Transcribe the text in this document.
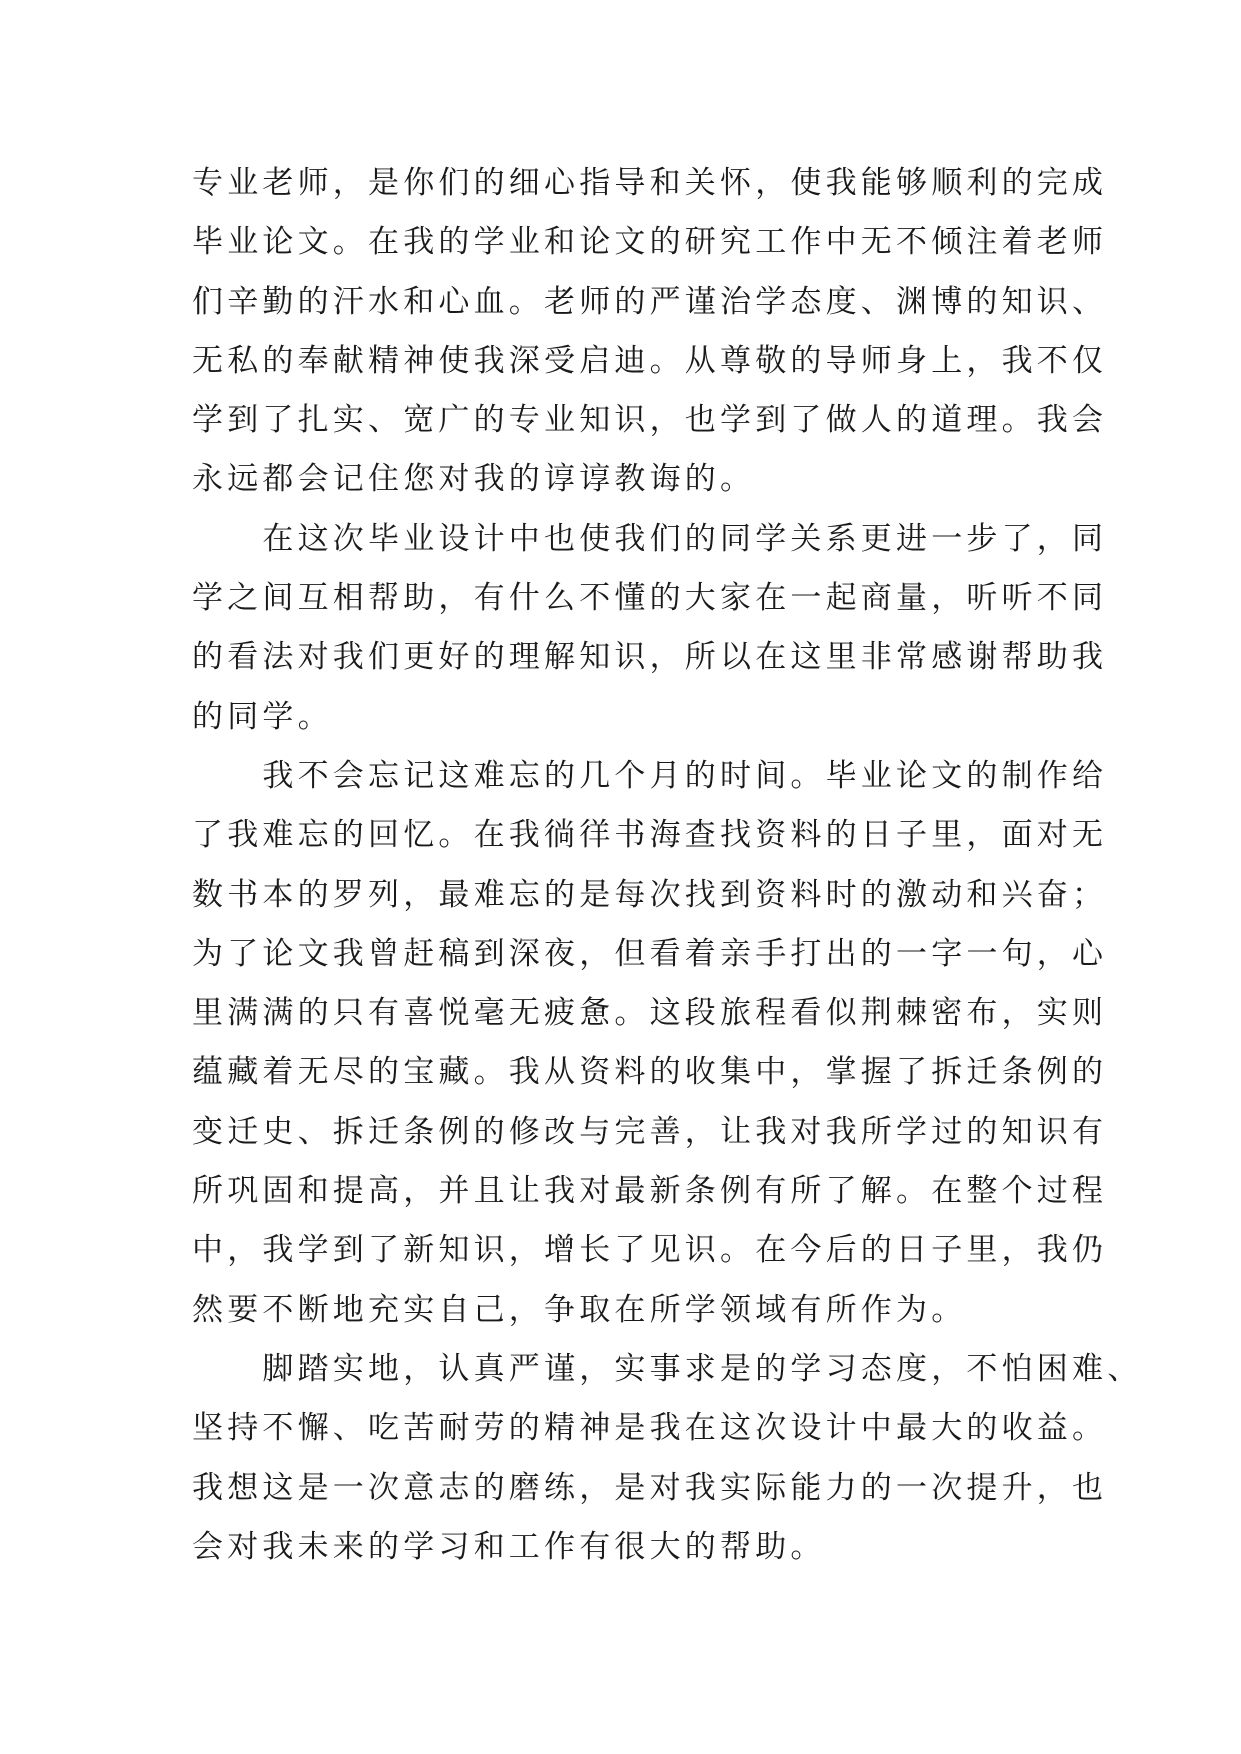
专业老师，是你们的细心指导和关怀，使我能够顺利的完成
毕业论文。在我的学业和论文的研究工作中无不倾注着老师
们辛勤的汗水和心血。老师的严谨治学态度、渊博的知识、
无私的奉献精神使我深受启迪。从尊敬的导师身上，我不仅
学到了扎实、宽广的专业知识，也学到了做人的道理。我会
永远都会记住您对我的谆谆教诲的。
　　在这次毕业设计中也使我们的同学关系更进一步了，同
学之间互相帮助，有什么不懂的大家在一起商量，听听不同
的看法对我们更好的理解知识，所以在这里非常感谢帮助我
的同学。
　　我不会忘记这难忘的几个月的时间。毕业论文的制作给
了我难忘的回忆。在我徜徉书海查找资料的日子里，面对无
数书本的罗列，最难忘的是每次找到资料时的激动和兴奋；
为了论文我曾赶稿到深夜，但看着亲手打出的一字一句，心
里满满的只有喜悦毫无疲惫。这段旅程看似荆棘密布，实则
蕴藏着无尽的宝藏。我从资料的收集中，掌握了拆迁条例的
变迁史、拆迁条例的修改与完善，让我对我所学过的知识有
所巩固和提高，并且让我对最新条例有所了解。在整个过程
中，我学到了新知识，增长了见识。在今后的日子里，我仍
然要不断地充实自己，争取在所学领域有所作为。
　　脚踏实地，认真严谨，实事求是的学习态度，不怕困难、
坚持不懈、吃苦耐劳的精神是我在这次设计中最大的收益。
我想这是一次意志的磨练，是对我实际能力的一次提升，也
会对我未来的学习和工作有很大的帮助。
